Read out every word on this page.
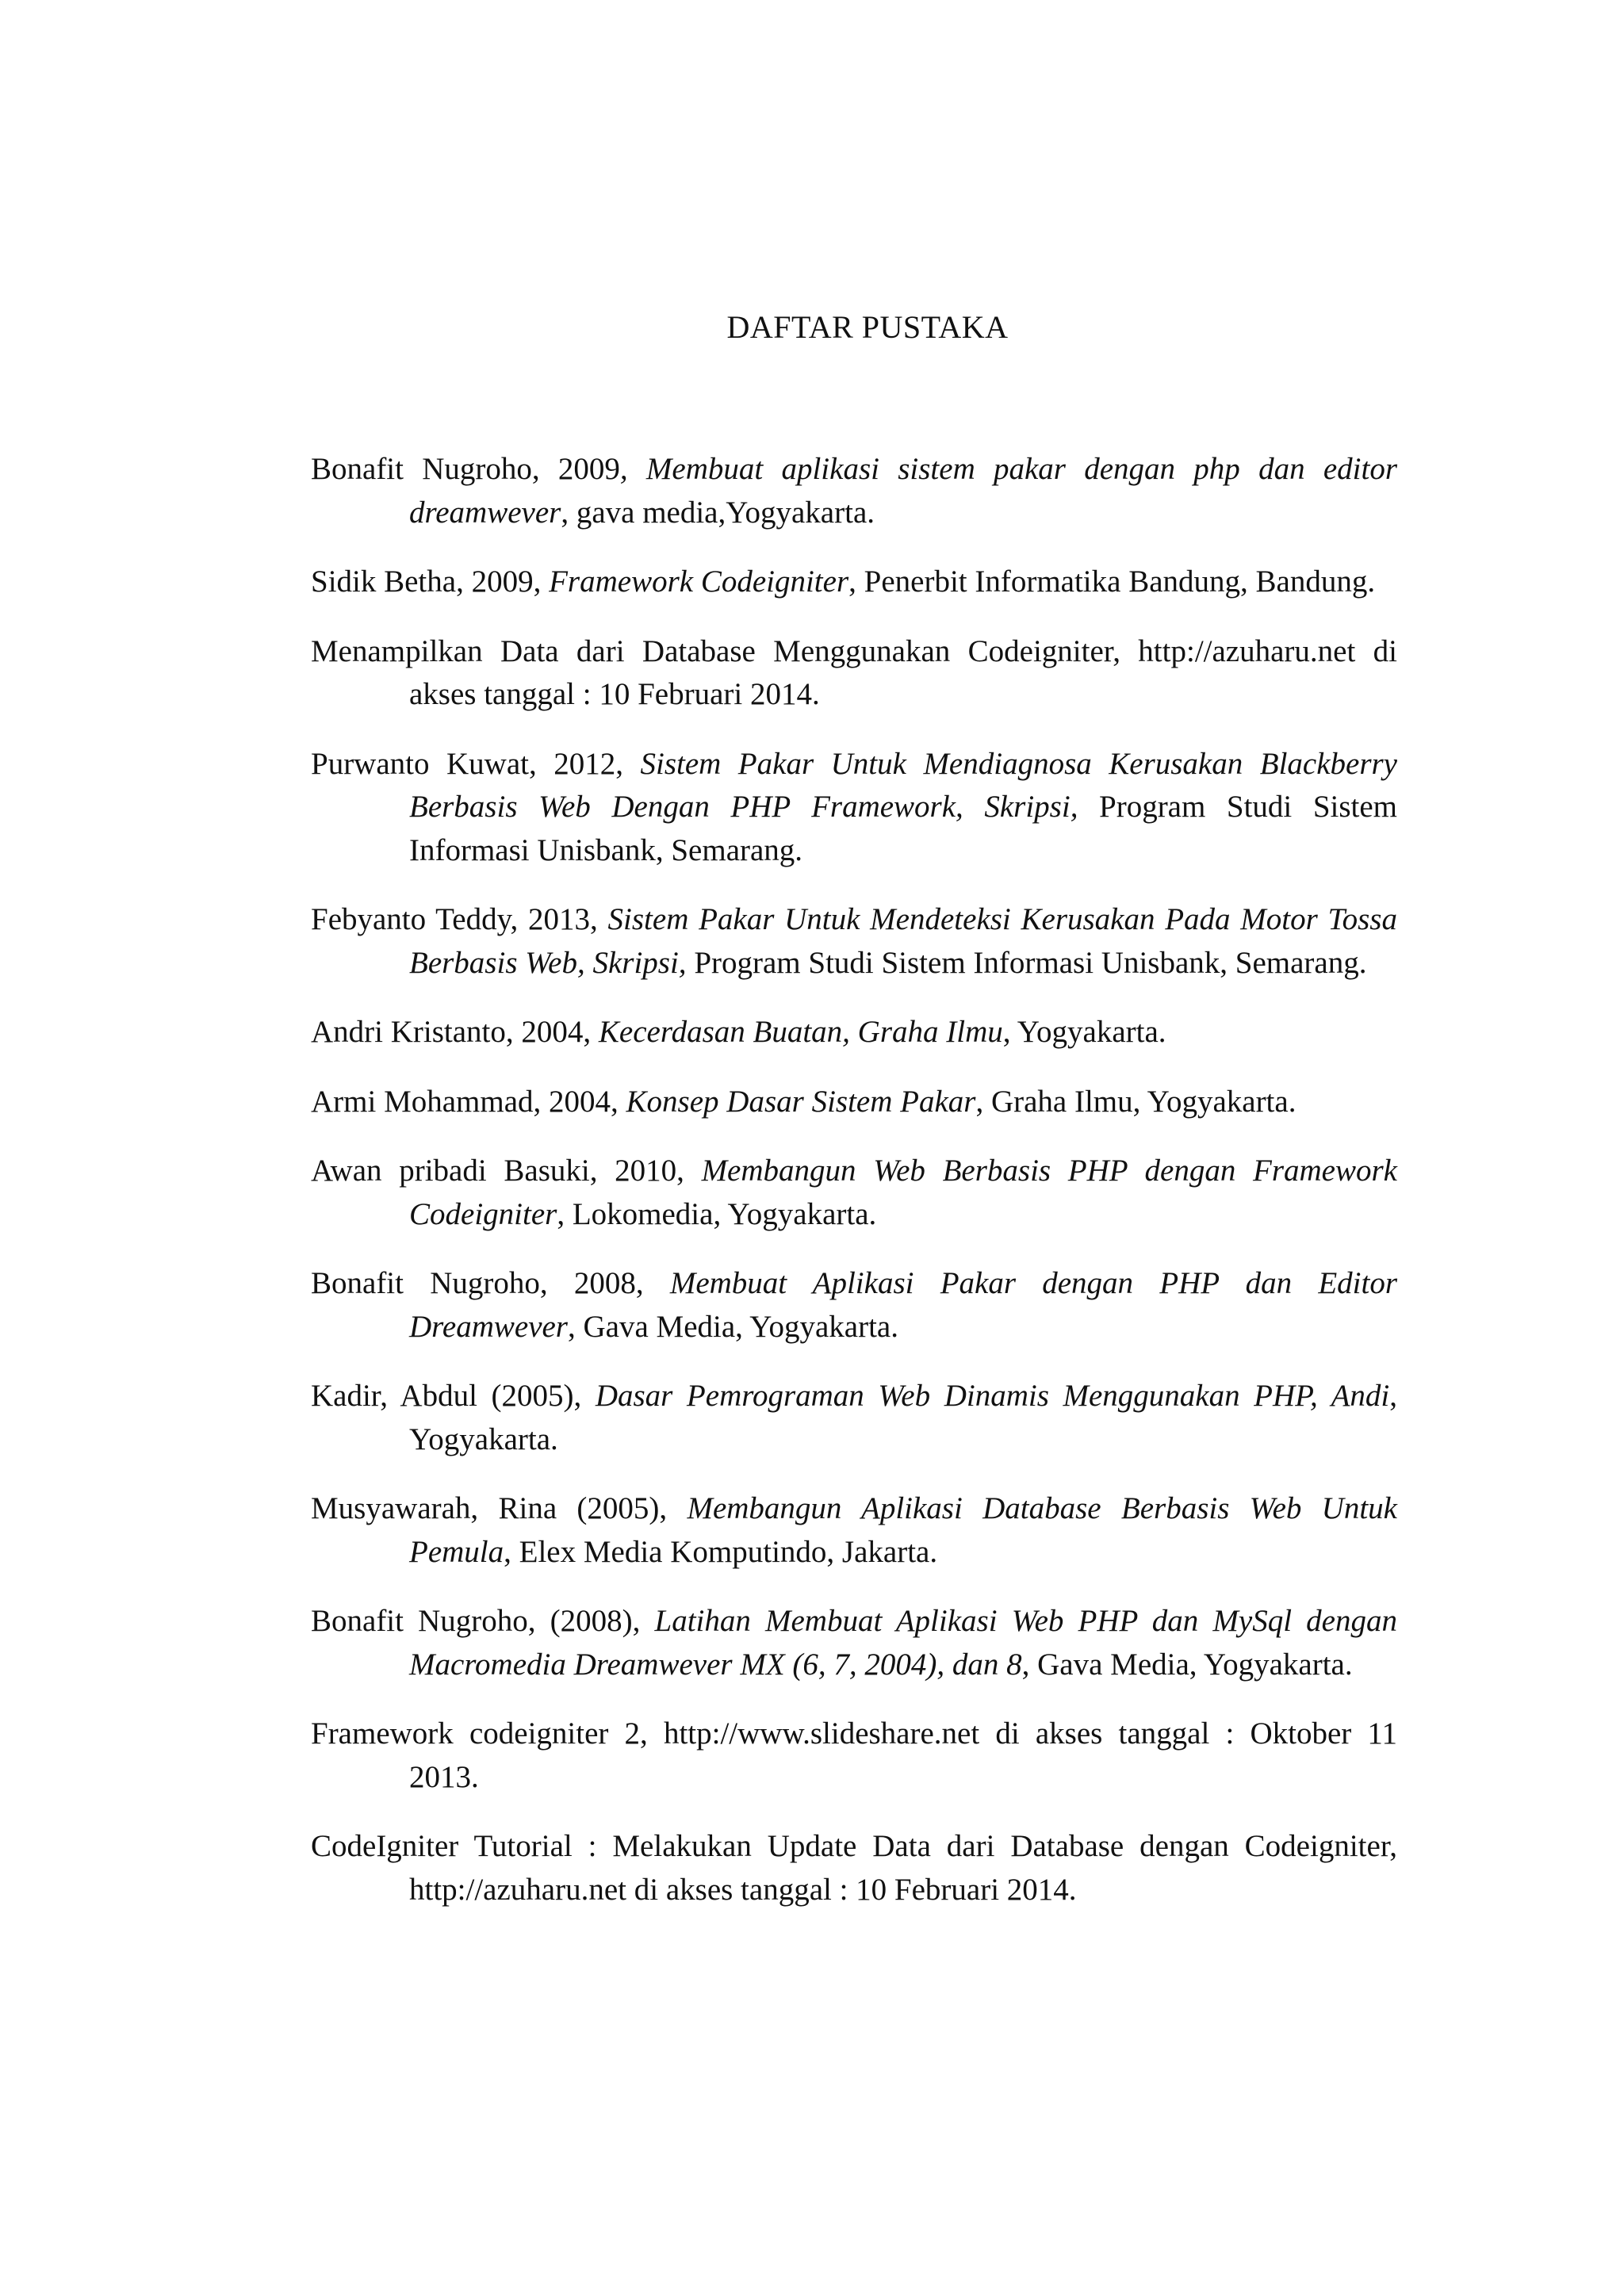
DAFTAR PUSTAKA

Bonafit Nugroho, 2009, Membuat aplikasi sistem pakar dengan php dan editor dreamwever, gava media,Yogyakarta.

Sidik Betha, 2009, Framework Codeigniter, Penerbit Informatika Bandung, Bandung.

Menampilkan Data dari Database Menggunakan Codeigniter, http://azuharu.net di akses tanggal : 10 Februari 2014.

Purwanto Kuwat, 2012, Sistem Pakar Untuk Mendiagnosa Kerusakan Blackberry Berbasis Web Dengan PHP Framework, Skripsi, Program Studi Sistem Informasi Unisbank, Semarang.

Febyanto Teddy, 2013, Sistem Pakar Untuk Mendeteksi Kerusakan Pada Motor Tossa Berbasis Web, Skripsi, Program Studi Sistem Informasi Unisbank, Semarang.

Andri Kristanto, 2004, Kecerdasan Buatan, Graha Ilmu, Yogyakarta.

Armi Mohammad, 2004, Konsep Dasar Sistem Pakar, Graha Ilmu, Yogyakarta.

Awan pribadi Basuki, 2010, Membangun Web Berbasis PHP dengan Framework Codeigniter, Lokomedia, Yogyakarta.

Bonafit Nugroho, 2008, Membuat Aplikasi Pakar dengan PHP dan Editor Dreamwever, Gava Media, Yogyakarta.

Kadir, Abdul (2005), Dasar Pemrograman Web Dinamis Menggunakan PHP, Andi, Yogyakarta.

Musyawarah, Rina (2005), Membangun Aplikasi Database Berbasis Web Untuk Pemula, Elex Media Komputindo, Jakarta.

Bonafit Nugroho, (2008), Latihan Membuat Aplikasi Web PHP dan MySql dengan Macromedia Dreamwever MX (6, 7, 2004), dan 8, Gava Media, Yogyakarta.

Framework codeigniter 2, http://www.slideshare.net di akses tanggal : Oktober 11 2013.

CodeIgniter Tutorial : Melakukan Update Data dari Database dengan Codeigniter, http://azuharu.net di akses tanggal : 10 Februari 2014.
